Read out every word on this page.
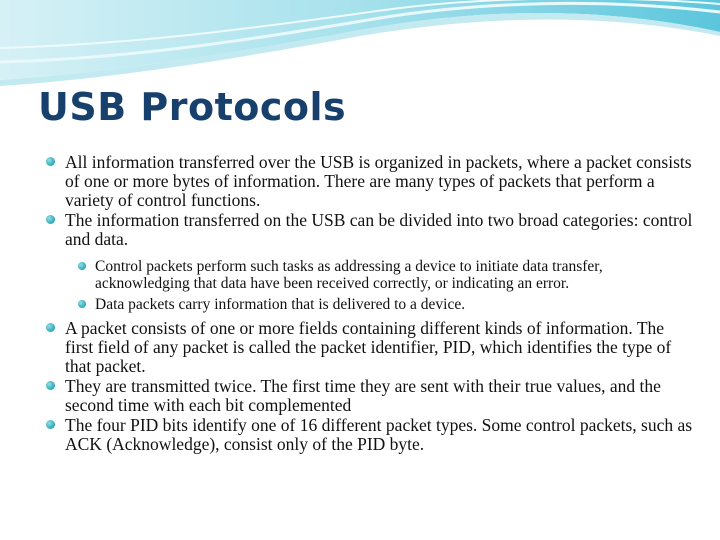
USB Protocols
All information transferred over the USB is organized in packets, where a packet consists of one or more bytes of information. There are many types of packets that perform a variety of control functions.
The information transferred on the USB can be divided into two broad categories: control and data.
Control packets perform such tasks as addressing a device to initiate data transfer, acknowledging that data have been received correctly, or indicating an error.
Data packets carry information that is delivered to a device.
A packet consists of one or more fields containing different kinds of information. The first field of any packet is called the packet identifier, PID, which identifies the type of that packet.
They are transmitted twice. The first time they are sent with their true values, and the second time with each bit complemented
The four PID bits identify one of 16 different packet types. Some control packets, such as ACK (Acknowledge), consist only of the PID byte.
